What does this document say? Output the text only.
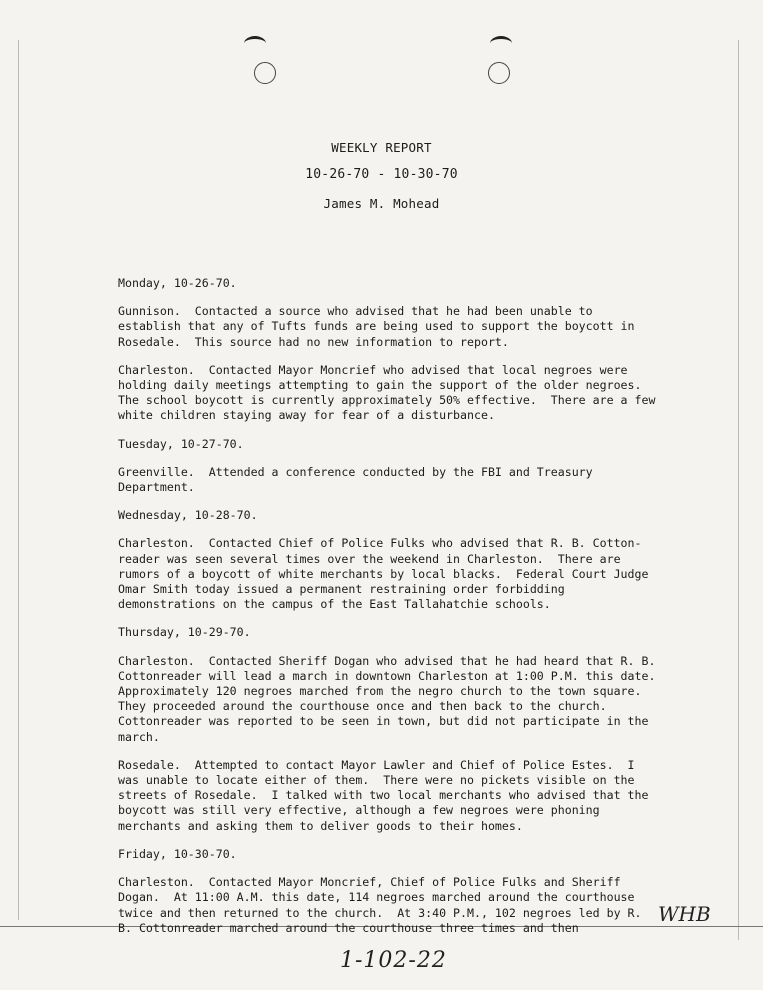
WEEKLY REPORT
10-26-70 - 10-30-70
James M. Mohead

Monday, 10-26-70.

Gunnison.  Contacted a source who advised that he had been unable to establish that any of Tufts funds are being used to support the boycott in Rosedale.  This source had no new information to report.

Charleston.  Contacted Mayor Moncrief who advised that local negroes were holding daily meetings attempting to gain the support of the older negroes. The school boycott is currently approximately 50% effective.  There are a few white children staying away for fear of a disturbance.

Tuesday, 10-27-70.

Greenville.  Attended a conference conducted by the FBI and Treasury Department.

Wednesday, 10-28-70.

Charleston.  Contacted Chief of Police Fulks who advised that R. B. Cotton-reader was seen several times over the weekend in Charleston.  There are rumors of a boycott of white merchants by local blacks.  Federal Court Judge Omar Smith today issued a permanent restraining order forbidding demonstrations on the campus of the East Tallahatchie schools.

Thursday, 10-29-70.

Charleston.  Contacted Sheriff Dogan who advised that he had heard that R. B. Cottonreader will lead a march in downtown Charleston at 1:00 P.M. this date.  Approximately 120 negroes marched from the negro church to the town square.  They proceeded around the courthouse once and then back to the church.  Cottonreader was reported to be seen in town, but did not participate in the march.

Rosedale.  Attempted to contact Mayor Lawler and Chief of Police Estes.  I was unable to locate either of them.  There were no pickets visible on the streets of Rosedale.  I talked with two local merchants who advised that the boycott was still very effective, although a few negroes were phoning merchants and asking them to deliver goods to their homes.

Friday, 10-30-70.

Charleston.  Contacted Mayor Moncrief, Chief of Police Fulks and Sheriff Dogan.  At 11:00 A.M. this date, 114 negroes marched around the courthouse twice and then returned to the church.  At 3:40 P.M., 102 negroes led by R. B. Cottonreader marched around the courthouse three times and then

WHB
1-102-22
